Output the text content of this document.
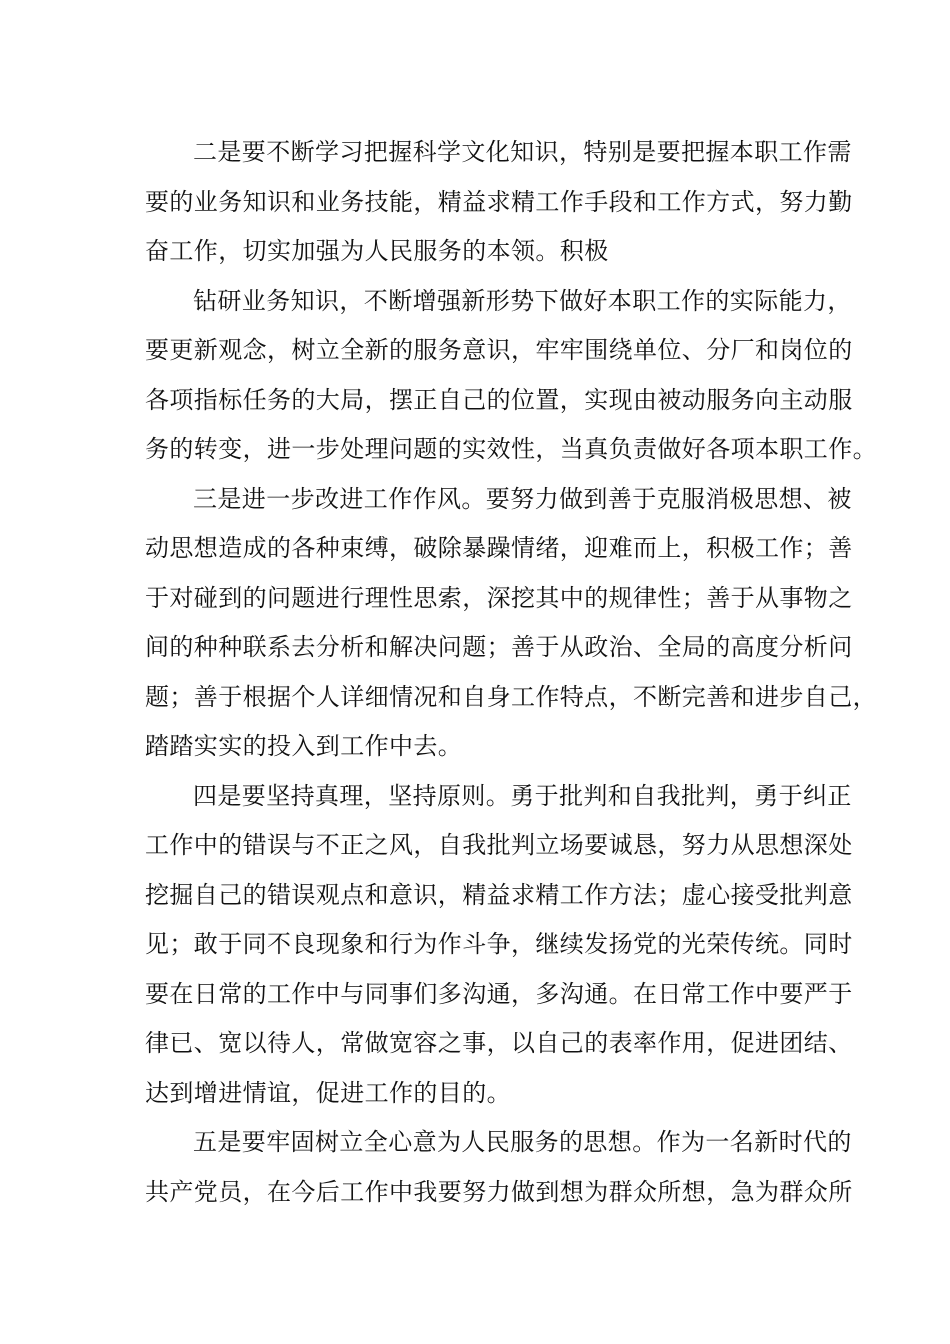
二是要不断学习把握科学文化知识，特别是要把握本职工作需
要的业务知识和业务技能，精益求精工作手段和工作方式，努力勤
奋工作，切实加强为人民服务的本领。积极
钻研业务知识，不断增强新形势下做好本职工作的实际能力，
要更新观念，树立全新的服务意识，牢牢围绕单位、分厂和岗位的
各项指标任务的大局，摆正自己的位置，实现由被动服务向主动服
务的转变，进一步处理问题的实效性，当真负责做好各项本职工作。
三是进一步改进工作作风。要努力做到善于克服消极思想、被
动思想造成的各种束缚，破除暴躁情绪，迎难而上，积极工作；善
于对碰到的问题进行理性思索，深挖其中的规律性；善于从事物之
间的种种联系去分析和解决问题；善于从政治、全局的高度分析问
题；善于根据个人详细情况和自身工作特点，不断完善和进步自己，
踏踏实实的投入到工作中去。
四是要坚持真理，坚持原则。勇于批判和自我批判，勇于纠正
工作中的错误与不正之风，自我批判立场要诚恳，努力从思想深处
挖掘自己的错误观点和意识，精益求精工作方法；虚心接受批判意
见；敢于同不良现象和行为作斗争，继续发扬党的光荣传统。同时
要在日常的工作中与同事们多沟通，多沟通。在日常工作中要严于
律已、宽以待人，常做宽容之事，以自己的表率作用，促进团结、
达到增进情谊，促进工作的目的。
五是要牢固树立全心意为人民服务的思想。作为一名新时代的
共产党员，在今后工作中我要努力做到想为群众所想，急为群众所
